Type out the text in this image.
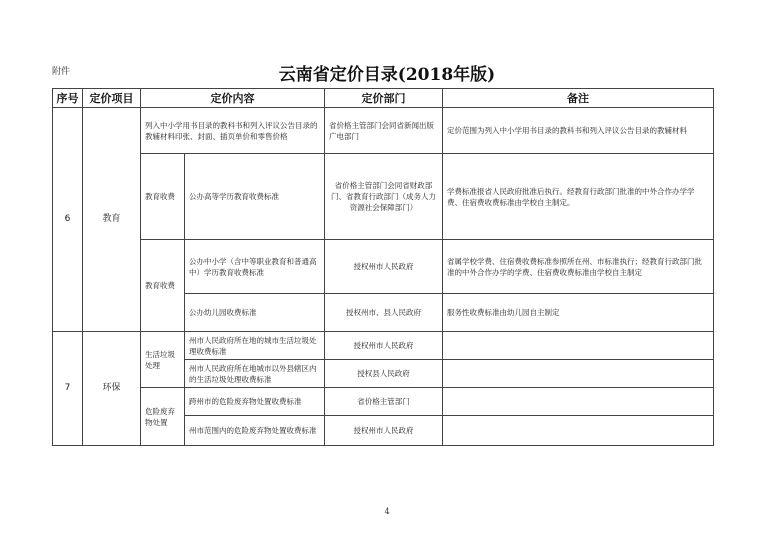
附件	云南省定价目录(2018年版)
序号	定价项目	定价内容		定价部门	备注
6	教育	列入中小学用书目录的教科书和列入评议公告目录的教辅材料印张、封面、插页单价和零售价格		省价格主管部门会同省新闻出版广电部门	定价范围为列入中小学用书目录的教科书和列入评议公告目录的教辅材料
		教育收费	公办高等学历教育收费标准	省价格主管部门会同省财政部门、省教育行政部门（成务人力资源社会保障部门）	学费标准报省人民政府批准后执行。经教育行政部门批准的中外合作办学学费、住宿费收费标准由学校自主制定。
		教育收费	公办中小学（含中等职业教育和普通高中）学历教育收费标准	授权州市人民政府	省属学校学费、住宿费收费标准参照所在州、市标准执行；经教育行政部门批准的中外合作办学的学费、住宿费收费标准由学校自主制定
			公办幼儿园收费标准	授权州市、县人民政府	服务性收费标准由幼儿园自主制定
7	环保	生活垃圾处理	州市人民政府所在地的城市生活垃圾处理收费标准	授权州市人民政府	
			州市人民政府所在地城市以外县辖区内的生活垃圾处理收费标准	授权县人民政府	
		危险废弃物处置	跨州市的危险废弃物处置收费标准	省价格主管部门	
			州市范围内的危险废弃物处置收费标准	授权州市人民政府	
4
